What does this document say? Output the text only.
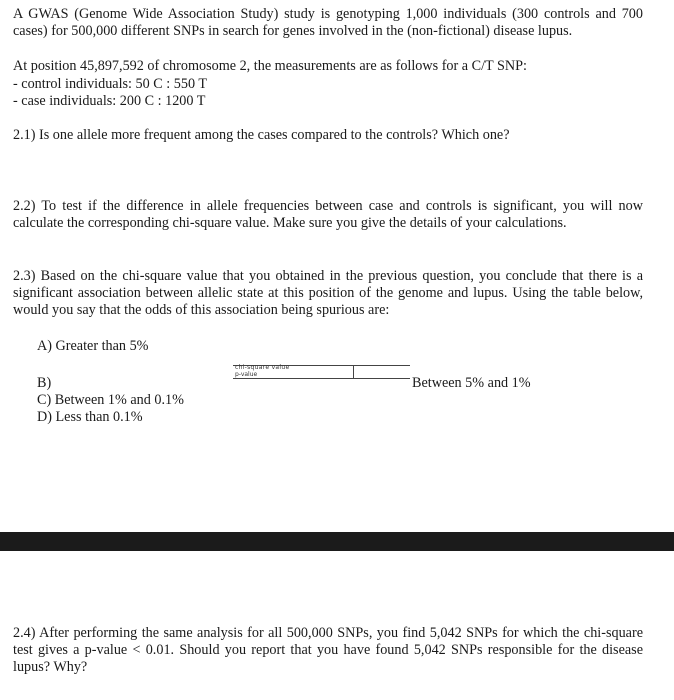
A GWAS (Genome Wide Association Study) study is genotyping 1,000 individuals (300 controls and 700 cases) for 500,000 different SNPs in search for genes involved in the (non-fictional) disease lupus.

At position 45,897,592 of chromosome 2, the measurements are as follows for a C/T SNP:

- control individuals: 50 C : 550 T

- case individuals: 200 C : 1200 T

2.1) Is one allele more frequent among the cases compared to the controls? Which one?

2.2) To test if the difference in allele frequencies between case and controls is significant, you will now calculate the corresponding chi-square value. Make sure you give the details of your calculations.

2.3) Based on the chi-square value that you obtained in the previous question, you conclude that there is a significant association between allelic state at this position of the genome and lupus. Using the table below, would you say that the odds of this association being spurious are:

A) Greater than 5%

chi-square value
p-value

B)	Between 5% and 1%

C) Between 1% and 0.1%

D) Less than 0.1%

2.4) After performing the same analysis for all 500,000 SNPs, you find 5,042 SNPs for which the chi-square test gives a p-value < 0.01. Should you report that you have found 5,042 SNPs responsible for the disease lupus? Why?
